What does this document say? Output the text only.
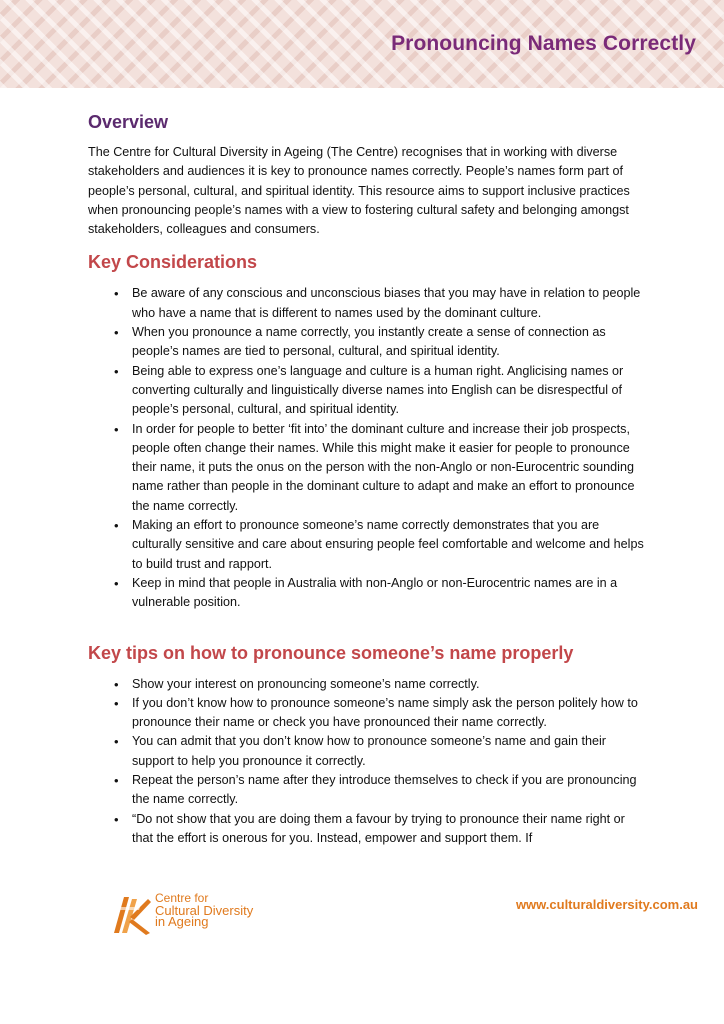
Pronouncing Names Correctly
Overview

The Centre for Cultural Diversity in Ageing (The Centre) recognises that in working with diverse stakeholders and audiences it is key to pronounce names correctly. People’s names form part of people’s personal, cultural, and spiritual identity. This resource aims to support inclusive practices when pronouncing people’s names with a view to fostering cultural safety and belonging amongst stakeholders, colleagues and consumers.

Key Considerations
• Be aware of any conscious and unconscious biases that you may have in relation to people who have a name that is different to names used by the dominant culture.
• When you pronounce a name correctly, you instantly create a sense of connection as people’s names are tied to personal, cultural, and spiritual identity.
• Being able to express one’s language and culture is a human right. Anglicising names or converting culturally and linguistically diverse names into English can be disrespectful of people’s personal, cultural, and spiritual identity.
• In order for people to better ‘fit into’ the dominant culture and increase their job prospects, people often change their names. While this might make it easier for people to pronounce their name, it puts the onus on the person with the non-Anglo or non-Eurocentric sounding name rather than people in the dominant culture to adapt and make an effort to pronounce the name correctly.
• Making an effort to pronounce someone’s name correctly demonstrates that you are culturally sensitive and care about ensuring people feel comfortable and welcome and helps to build trust and rapport.
• Keep in mind that people in Australia with non-Anglo or non-Eurocentric names are in a vulnerable position.
Key tips on how to pronounce someone’s name properly
• Show your interest on pronouncing someone’s name correctly.
• If you don’t know how to pronounce someone’s name simply ask the person politely how to pronounce their name or check you have pronounced their name correctly.
• You can admit that you don’t know how to pronounce someone’s name and gain their support to help you pronounce it correctly.
• Repeat the person’s name after they introduce themselves to check if you are pronouncing the name correctly.
• “Do not show that you are doing them a favour by trying to pronounce their name right or that the effort is onerous for you. Instead, empower and support them. If
Centre for
Cultural Diversity
in Ageing
www.culturaldiversity.com.au
